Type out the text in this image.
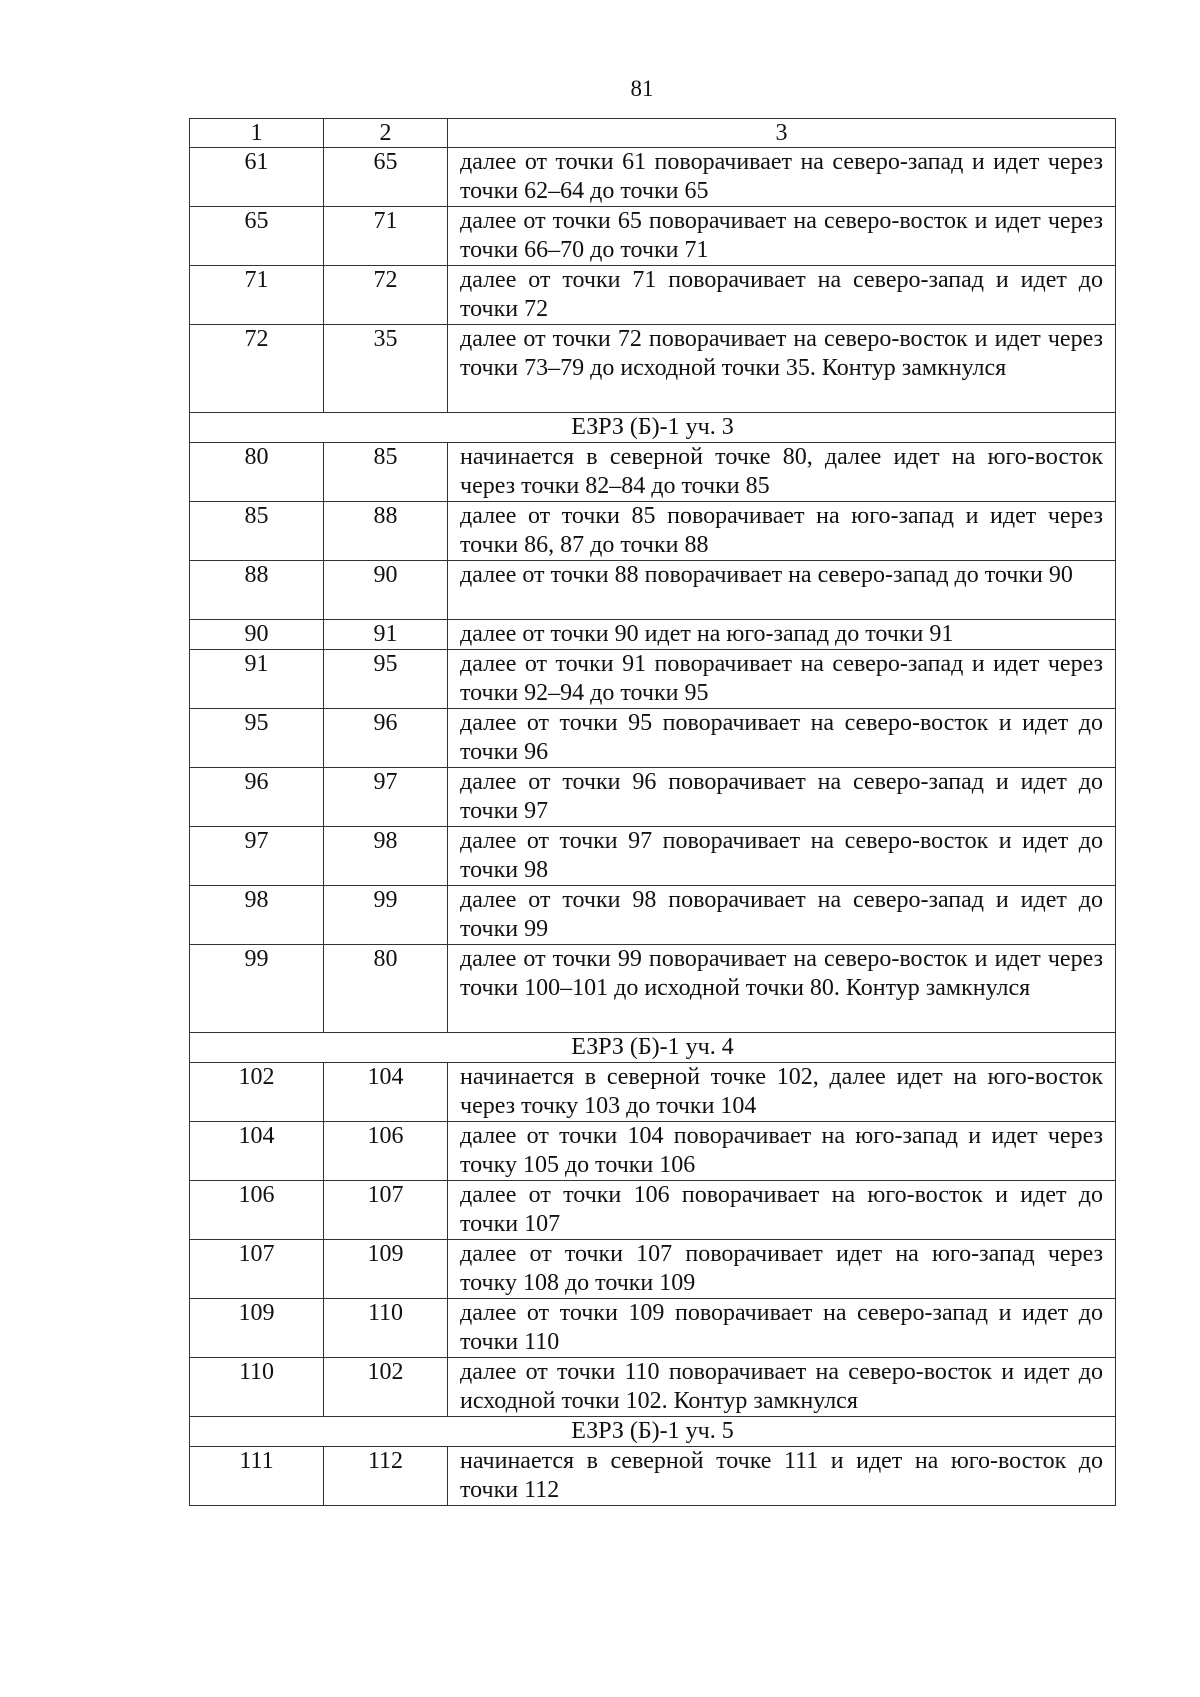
81
1	2	3
61	65	далее от точки 61 поворачивает на северо-запад и идет через точки 62–64 до точки 65
65	71	далее от точки 65 поворачивает на северо-восток и идет через точки 66–70 до точки 71
71	72	далее от точки 71 поворачивает на северо-запад и идет до точки 72
72	35	далее от точки 72 поворачивает на северо-восток и идет через точки 73–79 до исходной точки 35. Контур замкнулся
ЕЗРЗ (Б)-1 уч. 3		
80	85	начинается в северной точке 80, далее идет на юго-восток через точки 82–84 до точки 85
85	88	далее от точки 85 поворачивает на юго-запад и идет через точки 86, 87 до точки 88
88	90	далее от точки 88 поворачивает на северо-запад до точки 90
90	91	далее от точки 90 идет на юго-запад до точки 91
91	95	далее от точки 91 поворачивает на северо-запад и идет через точки 92–94 до точки 95
95	96	далее от точки 95 поворачивает на северо-восток и идет до точки 96
96	97	далее от точки 96 поворачивает на северо-запад и идет до точки 97
97	98	далее от точки 97 поворачивает на северо-восток и идет до точки 98
98	99	далее от точки 98 поворачивает на северо-запад и идет до точки 99
99	80	далее от точки 99 поворачивает на северо-восток и идет через точки 100–101 до исходной точки 80. Контур замкнулся
ЕЗРЗ (Б)-1 уч. 4		
102	104	начинается в северной точке 102, далее идет на юго-восток через точку 103 до точки 104
104	106	далее от точки 104 поворачивает на юго-запад и идет через точку 105 до точки 106
106	107	далее от точки 106 поворачивает на юго-восток и идет до точки 107
107	109	далее от точки 107 поворачивает идет на юго-запад через точку 108 до точки 109
109	110	далее от точки 109 поворачивает на северо-запад и идет до точки 110
110	102	далее от точки 110 поворачивает на северо-восток и идет до исходной точки 102. Контур замкнулся
ЕЗРЗ (Б)-1 уч. 5		
111	112	начинается в северной точке 111 и идет на юго-восток до точки 112
